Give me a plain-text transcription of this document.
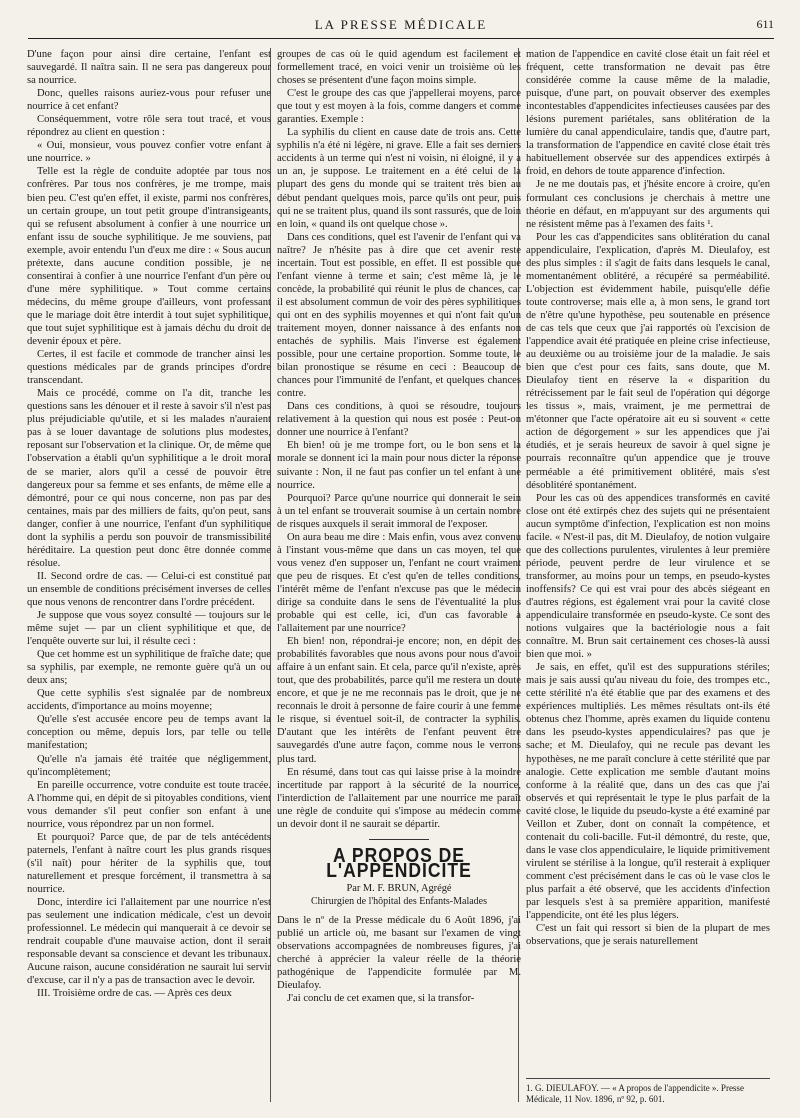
LA PRESSE MÉDICALE	611

D'une façon pour ainsi dire certaine, l'enfant est sauvegardé. Il naîtra sain. Il ne sera pas dangereux pour sa nourrice.

Donc, quelles raisons auriez-vous pour refuser une nourrice à cet enfant?

Conséquemment, votre rôle sera tout tracé, et vous répondrez au client en question :

« Oui, monsieur, vous pouvez confier votre enfant à une nourrice. »

Telle est la règle de conduite adoptée par tous nos confrères. Par tous nos confrères, je me trompe, mais bien peu. C'est qu'en effet, il existe, parmi nos confrères, un certain groupe, un tout petit groupe d'intransigeants, qui se refusent absolument à confier à une nourrice un enfant issu de souche syphilitique. Je me souviens, par exemple, avoir entendu l'un d'eux me dire : « Sous aucun prétexte, dans aucune condition possible, je ne consentirai à confier à une nourrice l'enfant d'un père ou d'une mère syphilitique. » Tout comme certains médecins, du même groupe d'ailleurs, vont professant que le mariage doit être interdit à tout sujet syphilitique, que tout sujet syphilitique est à jamais déchu du droit de devenir époux et père.

Certes, il est facile et commode de trancher ainsi les questions médicales par de grands principes d'ordre transcendant.

Mais ce procédé, comme on l'a dit, tranche les questions sans les dénouer et il reste à savoir s'il n'est pas plus préjudiciable qu'utile, et si les malades n'auraient pas à se louer davantage de solutions plus modestes, reposant sur l'observation et la clinique. Or, de même que l'observation a établi qu'un syphilitique a le droit moral de se marier, alors qu'il a cessé de pouvoir être dangereux pour sa femme et ses enfants, de même elle a démontré, pour ce qui nous concerne, non pas par des centaines, mais par des milliers de faits, qu'on peut, sans danger, confier à une nourrice, l'enfant d'un syphilitique dont la syphilis a perdu son pouvoir de transmissibilité héréditaire. La question peut donc être donnée comme résolue.

II. Second ordre de cas. — Celui-ci est constitué par un ensemble de conditions précisément inverses de celles que nous venons de rencontrer dans l'ordre précédent.

Je suppose que vous soyez consulté — toujours sur le même sujet — par un client syphilitique et que, de l'enquête ouverte sur lui, il résulte ceci :

Que cet homme est un syphilitique de fraîche date; que sa syphilis, par exemple, ne remonte guère qu'à un ou deux ans;

Que cette syphilis s'est signalée par de nombreux accidents, d'importance au moins moyenne;

Qu'elle s'est accusée encore peu de temps avant la conception ou même, depuis lors, par telle ou telle manifestation;

Qu'elle n'a jamais été traitée que négligemment, qu'incomplètement;

En pareille occurrence, votre conduite est toute tracée. A l'homme qui, en dépit de si pitoyables conditions, vient vous demander s'il peut confier son enfant à une nourrice, vous répondrez par un non formel.

Et pourquoi? Parce que, de par de tels antécédents paternels, l'enfant à naître court les plus grands risques (s'il naît) pour hériter de la syphilis que, tout naturellement et presque forcément, il transmettra à sa nourrice.

Donc, interdire ici l'allaitement par une nourrice n'est pas seulement une indication médicale, c'est un devoir professionnel. Le médecin qui manquerait à ce devoir se rendrait coupable d'une mauvaise action, dont il serait responsable devant sa conscience et devant les tribunaux. Aucune raison, aucune considération ne saurait lui servir d'excuse, car il n'y a pas de transaction avec le devoir.

III. Troisième ordre de cas. — Après ces deux

groupes de cas où le quid agendum est facilement et formellement tracé, en voici venir un troisième où les choses se présentent d'une façon moins simple.

C'est le groupe des cas que j'appellerai moyens, parce que tout y est moyen à la fois, comme dangers et comme garanties. Exemple :

La syphilis du client en cause date de trois ans. Cette syphilis n'a été ni légère, ni grave. Elle a fait ses derniers accidents à un terme qui n'est ni voisin, ni éloigné, il y a un an, je suppose. Le traitement en a été celui de la plupart des gens du monde qui se traitent très bien au début pendant quelques mois, parce qu'ils ont peur, puis qui ne se traitent plus, quand ils sont rassurés, que de loin en loin, « quand ils ont quelque chose ».

Dans ces conditions, quel est l'avenir de l'enfant qui va naître? Je n'hésite pas à dire que cet avenir reste incertain. Tout est possible, en effet. Il est possible que l'enfant vienne à terme et sain; c'est même là, je le concède, la probabilité qui réunit le plus de chances, car il est absolument commun de voir des pères syphilitiques qui ont en des syphilis moyennes et qui n'ont fait qu'un traitement moyen, donner naissance à des enfants non entachés de syphilis. Mais l'inverse est également possible, pour une certaine proportion. Somme toute, le bilan pronostique se résume en ceci : Beaucoup de chances pour l'immunité de l'enfant, et quelques chances contre.

Dans ces conditions, à quoi se résoudre, toujours relativement à la question qui nous est posée : Peut-on donner une nourrice à l'enfant?

Eh bien! où je me trompe fort, ou le bon sens et la morale se donnent ici la main pour nous dicter la réponse suivante : Non, il ne faut pas confier un tel enfant à une nourrice.

Pourquoi? Parce qu'une nourrice qui donnerait le sein à un tel enfant se trouverait soumise à un certain nombre de risques auxquels il serait immoral de l'exposer.

On aura beau me dire : Mais enfin, vous avez convenu à l'instant vous-même que dans un cas moyen, tel que vous venez d'en supposer un, l'enfant ne court vraiment que peu de risques. Et c'est qu'en de telles conditions, l'intérêt même de l'enfant n'excuse pas que le médecin dirige sa conduite dans le sens de l'éventualité la plus probable qui est celle, ici, d'un cas favorable à l'allaitement par une nourrice?

Eh bien! non, répondrai-je encore; non, en dépit des probabilités favorables que nous avons pour nous d'avoir affaire à un enfant sain. Et cela, parce qu'il n'existe, après tout, que des probabilités, parce qu'il me restera un doute encore, et que je ne me reconnais pas le droit, que je ne reconnais le droit à personne de faire courir à une femme le risque, si éventuel soit-il, de contracter la syphilis. D'autant que les intérêts de l'enfant peuvent être sauvegardés d'une autre façon, comme nous le verrons plus tard.

En résumé, dans tout cas qui laisse prise à la moindre incertitude par rapport à la sécurité de la nourrice, l'interdiction de l'allaitement par une nourrice me paraît une règle de conduite qui s'impose au médecin comme un devoir dont il ne saurait se départir.

A PROPOS DE L'APPENDICITE
Par M. F. BRUN, Agrégé
Chirurgien de l'hôpital des Enfants-Malades

Dans le nº de la Presse médicale du 6 Août 1896, j'ai publié un article où, me basant sur l'examen de vingt observations accompagnées de nombreuses figures, j'ai cherché à apprécier la valeur réelle de la théorie pathogénique de l'appendicite formulée par M. Dieulafoy.

J'ai conclu de cet examen que, si la transfor-

mation de l'appendice en cavité close était un fait réel et fréquent, cette transformation ne devait pas être considérée comme la cause même de la maladie, puisque, d'une part, on pouvait observer des exemples incontestables d'appendicites infectieuses causées par des lésions purement pariétales, sans oblitération de la lumière du canal appendiculaire, tandis que, d'autre part, la transformation de l'appendice en cavité close était très habituellement observée sur des appendices extirpés à froid, en dehors de toute apparence d'infection.

Je ne me doutais pas, et j'hésite encore à croire, qu'en formulant ces conclusions je cherchais à mettre une théorie en défaut, en m'appuyant sur des arguments qui ne résistent même pas à l'examen des faits ¹.

Pour les cas d'appendicites sans oblitération du canal appendiculaire, l'explication, d'après M. Dieulafoy, est des plus simples : il s'agit de faits dans lesquels le canal, momentanément oblitéré, a récupéré sa perméabilité. L'objection est évidemment habile, puisqu'elle défie toute controverse; mais elle a, à mon sens, le grand tort de n'être qu'une hypothèse, peu soutenable en présence de cas tels que ceux que j'ai rapportés où l'excision de l'appendice avait été pratiquée en pleine crise infectieuse, au deuxième ou au troisième jour de la maladie. Je sais bien que c'est pour ces faits, sans doute, que M. Dieulafoy tient en réserve la « disparition du rétrécissement par le fait seul de l'opération qui dégorge les tissus », mais, vraiment, je me permettrai de m'étonner que l'acte opératoire ait eu si souvent « cette action de dégorgement » sur les appendices que j'ai étudiés, et je serais heureux de savoir à quel signe je pourrais reconnaître qu'un appendice que je trouve perméable a été primitivement oblitéré, mais s'est désoblitéré spontanément.

Pour les cas où des appendices transformés en cavité close ont été extirpés chez des sujets qui ne présentaient aucun symptôme d'infection, l'explication est non moins facile. « N'est-il pas, dit M. Dieulafoy, de notion vulgaire que des collections purulentes, virulentes à leur première période, peuvent perdre de leur virulence et se transformer, au moins pour un temps, en pseudo-kystes inoffensifs? Ce qui est vrai pour des abcès siégeant en d'autres régions, est également vrai pour la cavité close appendiculaire transformée en pseudo-kyste. Ce sont des notions vulgaires que la bactériologie nous a fait connaître. M. Brun sait certainement ces choses-là aussi bien que moi. »

Je sais, en effet, qu'il est des suppurations stériles; mais je sais aussi qu'au niveau du foie, des trompes etc., cette stérilité n'a été établie que par des examens et des expériences multipliés. Les mêmes résultats ont-ils été obtenus chez l'homme, après examen du liquide contenu dans les pseudo-kystes appendiculaires? pas que je sache; et M. Dieulafoy, qui ne recule pas devant les hypothèses, ne me paraît conclure à cette stérilité que par analogie. Cette explication me semble d'autant moins conforme à la réalité que, dans un des cas que j'ai observés et qui représentait le type le plus parfait de la cavité close, le liquide du pseudo-kyste a été examiné par Veillon et Zuber, dont on connaît la compétence, et contenait du coli-bacille. Fut-il démontré, du reste, que, dans le vase clos appendiculaire, le liquide primitivement virulent se stérilise à la longue, qu'il resterait à expliquer comment c'est précisément dans le cas où le vase clos le plus parfait a été observé, que les accidents d'infection par lesquels s'est à sa première apparition, manifesté l'appendicite, ont été les plus légers.

C'est un fait qui ressort si bien de la plupart de mes observations, que je serais naturellement

1. G. DIEULAFOY. — « A propos de l'appendicite ». Presse Médicale, 11 Nov. 1896, nº 92, p. 601.
